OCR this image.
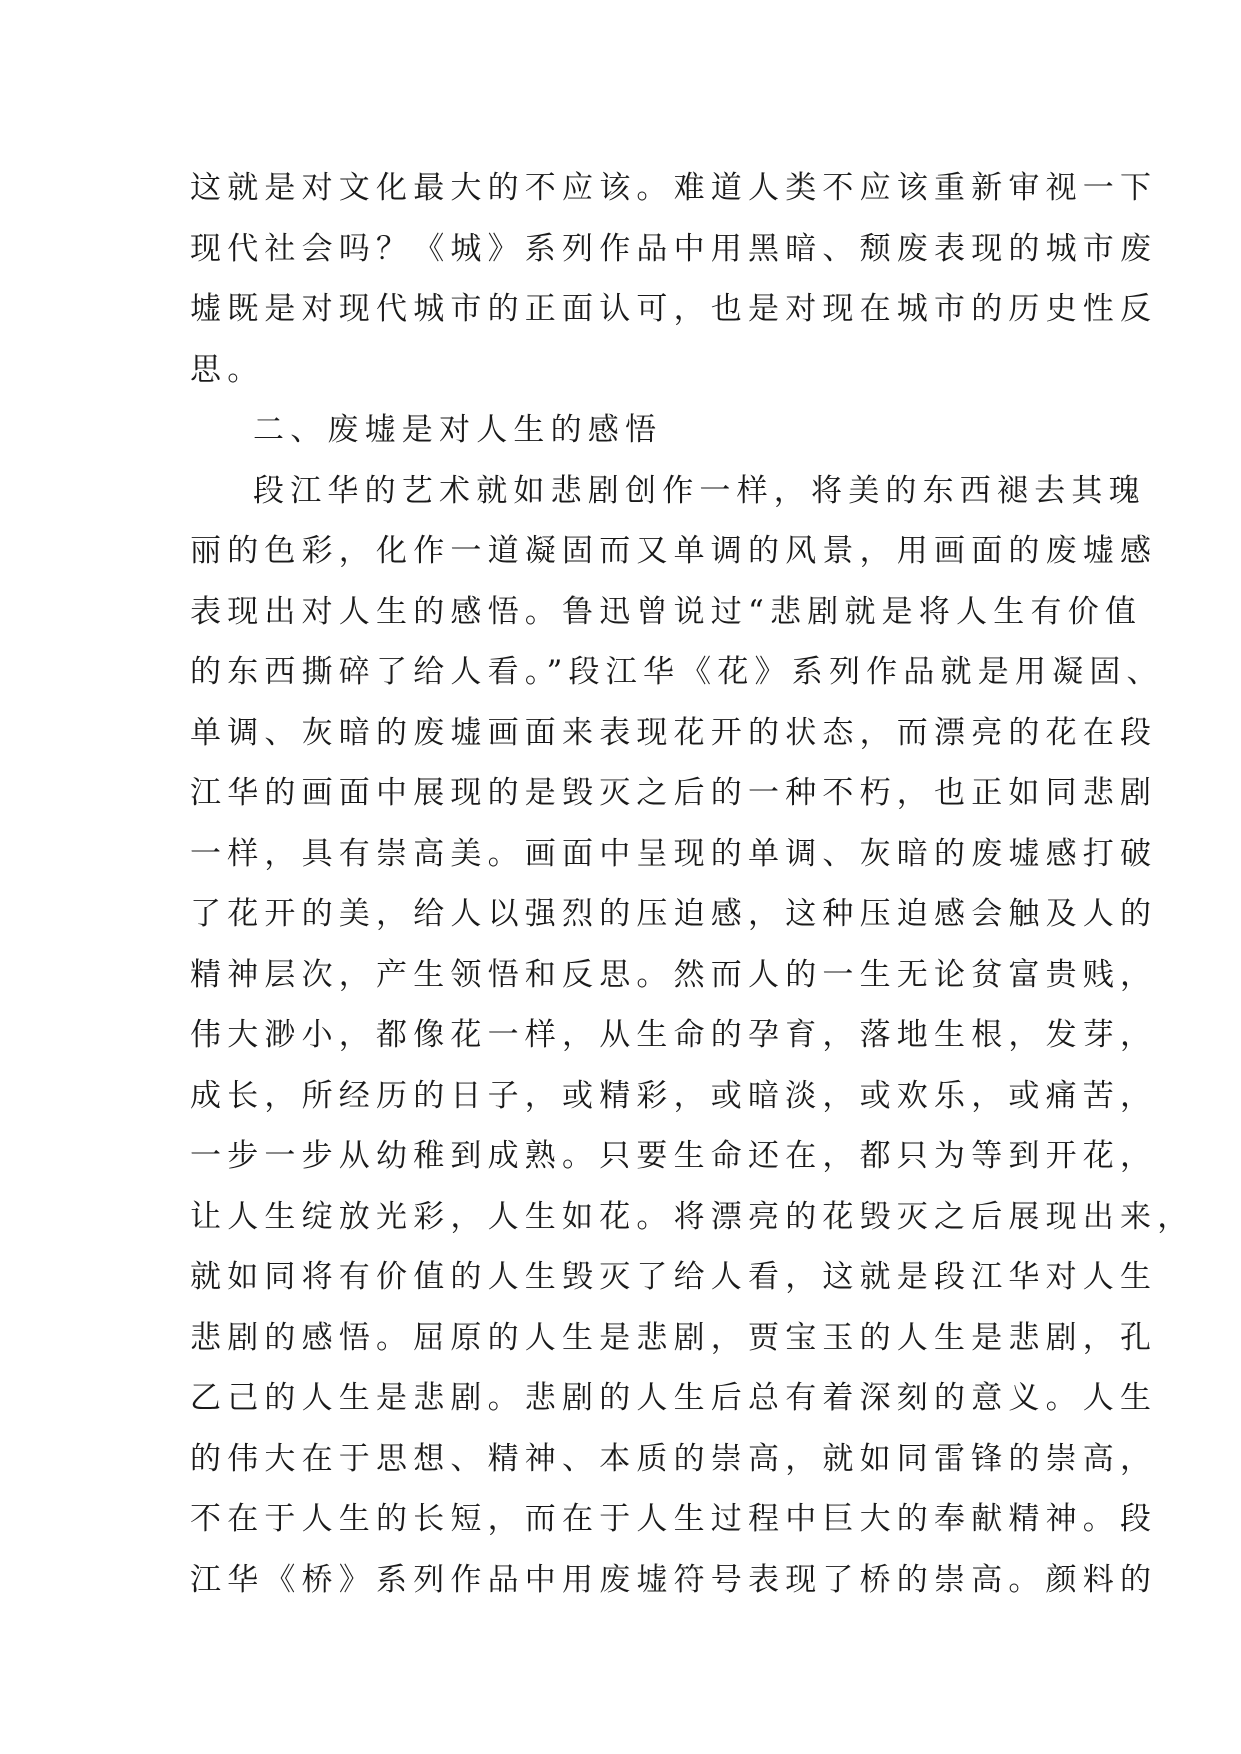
这就是对文化最大的不应该。难道人类不应该重新审视一下
现代社会吗？《城》系列作品中用黑暗、颓废表现的城市废
墟既是对现代城市的正面认可，也是对现在城市的历史性反
思。
二、废墟是对人生的感悟
段江华的艺术就如悲剧创作一样，将美的东西褪去其瑰
丽的色彩，化作一道凝固而又单调的风景，用画面的废墟感
表现出对人生的感悟。鲁迅曾说过“悲剧就是将人生有价值
的东西撕碎了给人看。”段江华《花》系列作品就是用凝固、
单调、灰暗的废墟画面来表现花开的状态，而漂亮的花在段
江华的画面中展现的是毁灭之后的一种不朽，也正如同悲剧
一样，具有崇高美。画面中呈现的单调、灰暗的废墟感打破
了花开的美，给人以强烈的压迫感，这种压迫感会触及人的
精神层次，产生领悟和反思。然而人的一生无论贫富贵贱，
伟大渺小，都像花一样，从生命的孕育，落地生根，发芽，
成长，所经历的日子，或精彩，或暗淡，或欢乐，或痛苦，
一步一步从幼稚到成熟。只要生命还在，都只为等到开花，
让人生绽放光彩，人生如花。将漂亮的花毁灭之后展现出来，
就如同将有价值的人生毁灭了给人看，这就是段江华对人生
悲剧的感悟。屈原的人生是悲剧，贾宝玉的人生是悲剧，孔
乙己的人生是悲剧。悲剧的人生后总有着深刻的意义。人生
的伟大在于思想、精神、本质的崇高，就如同雷锋的崇高，
不在于人生的长短，而在于人生过程中巨大的奉献精神。段
江华《桥》系列作品中用废墟符号表现了桥的崇高。颜料的
